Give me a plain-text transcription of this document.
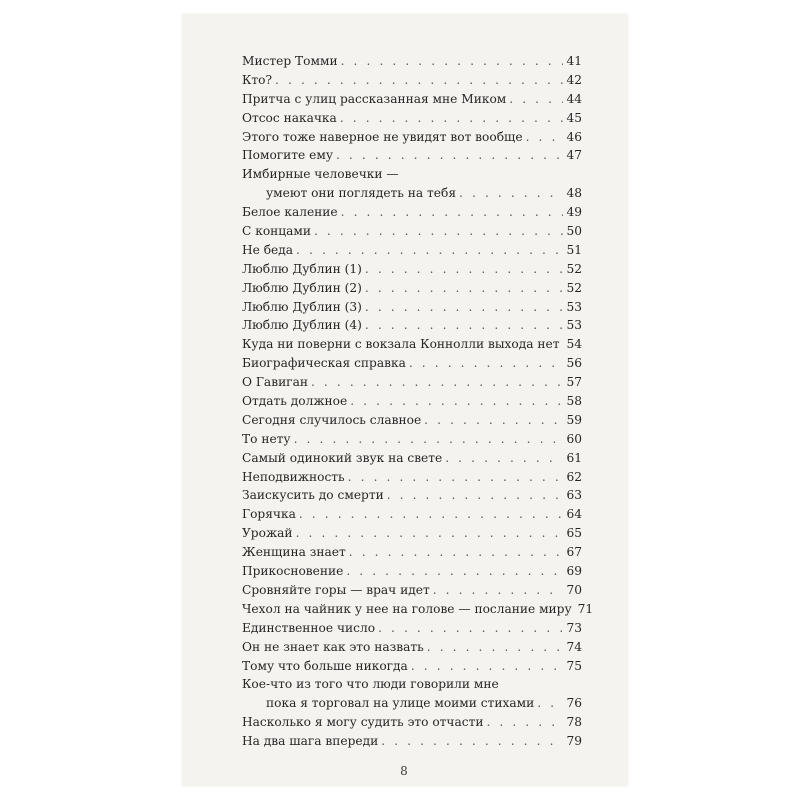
Мистер Томми . . .	41
Кто? . . .	42
Притча с улиц рассказанная мне Миком . . .	44
Отсос накачка . . .	45
Этого тоже наверное не увидят вот вообще . . .	46
Помогите ему . . .	47
Имбирные человечки —
умеют они поглядеть на тебя . . .	48
Белое каление . . .	49
С концами . . .	50
Не беда . . .	51
Люблю Дублин (1) . . .	52
Люблю Дублин (2) . . .	52
Люблю Дублин (3) . . .	53
Люблю Дублин (4) . . .	53
Куда ни поверни с вокзала Коннолли выхода нет . . . 54
Биографическая справка . . .	56
О Гавиган . . .	57
Отдать должное . . .	58
Сегодня случилось славное . . .	59
То нету . . .	60
Самый одинокий звук на свете . . .	61
Неподвижность . . .	62
Заискусить до смерти . . .	63
Горячка . . .	64
Урожай . . .	65
Женщина знает . . .	67
Прикосновение . . .	69
Сровняйте горы — врач идет . . .	70
Чехол на чайник у нее на голове — послание миру 71
Единственное число . . .	73
Он не знает как это назвать . . .	74
Тому что больше никогда . . .	75
Кое-что из того что люди говорили мне
пока я торговал на улице моими стихами . . .	76
Насколько я могу судить это отчасти . . .	78
На два шага впереди . . .	79
8
